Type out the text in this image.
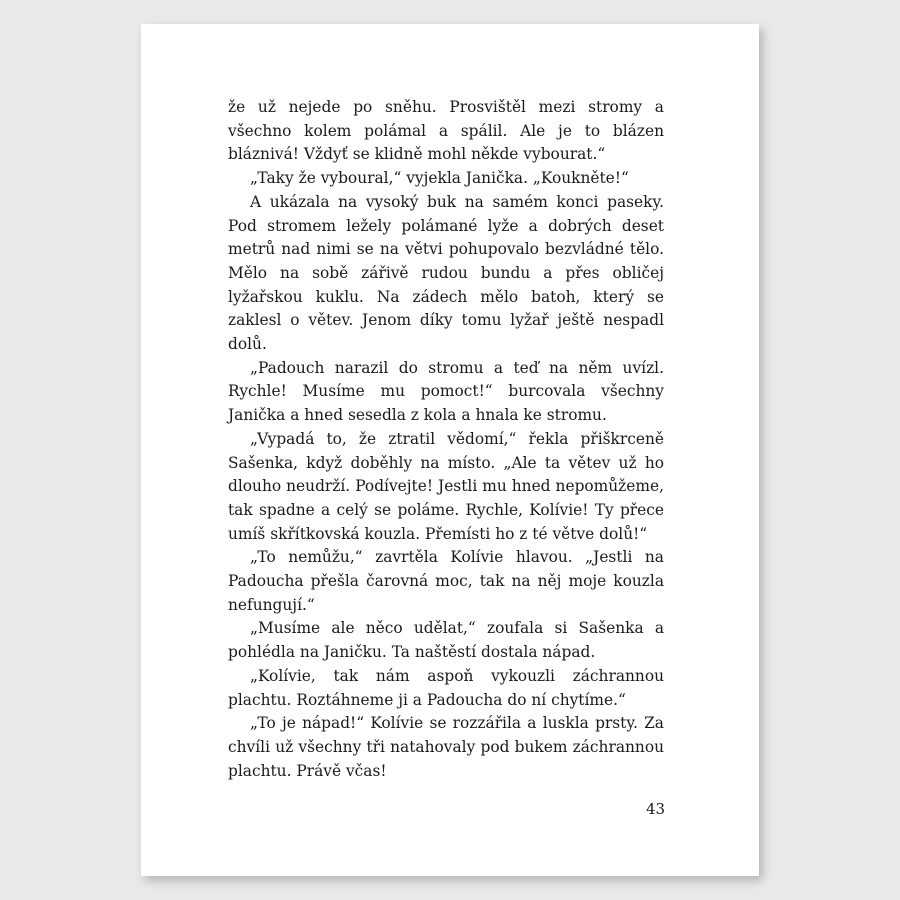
že už nejede po sněhu. Prosvištěl mezi stromy a všechno kolem polámal a spálil. Ale je to blázen bláznivá! Vždyť se klidně mohl někde vybourat.“

„Taky že vyboural,“ vyjekla Janička. „Koukněte!“

A ukázala na vysoký buk na samém konci paseky. Pod stromem ležely polámané lyže a dobrých deset metrů nad nimi se na větvi pohupovalo bezvládné tělo. Mělo na sobě zářivě rudou bundu a přes obličej lyžařskou kuklu. Na zádech mělo batoh, který se zaklesl o větev. Jenom díky tomu lyžař ještě nespadl dolů.

„Padouch narazil do stromu a teď na něm uvízl. Rychle! Musíme mu pomoct!“ burcovala všechny Janička a hned sesedla z kola a hnala ke stromu.

„Vypadá to, že ztratil vědomí,“ řekla přiškrceně Sašenka, když doběhly na místo. „Ale ta větev už ho dlouho neudrží. Podívejte! Jestli mu hned nepomůžeme, tak spadne a celý se poláme. Rychle, Kolívie! Ty přece umíš skřítkovská kouzla. Přemísti ho z té větve dolů!“

„To nemůžu,“ zavrtěla Kolívie hlavou. „Jestli na Padoucha přešla čarovná moc, tak na něj moje kouzla nefungují.“

„Musíme ale něco udělat,“ zoufala si Sašenka a pohlédla na Janičku. Ta naštěstí dostala nápad.

„Kolívie, tak nám aspoň vykouzli záchrannou plachtu. Roztáhneme ji a Padoucha do ní chytíme.“

„To je nápad!“ Kolívie se rozzářila a luskla prsty. Za chvíli už všechny tři natahovaly pod bukem záchrannou plachtu. Právě včas!

43
